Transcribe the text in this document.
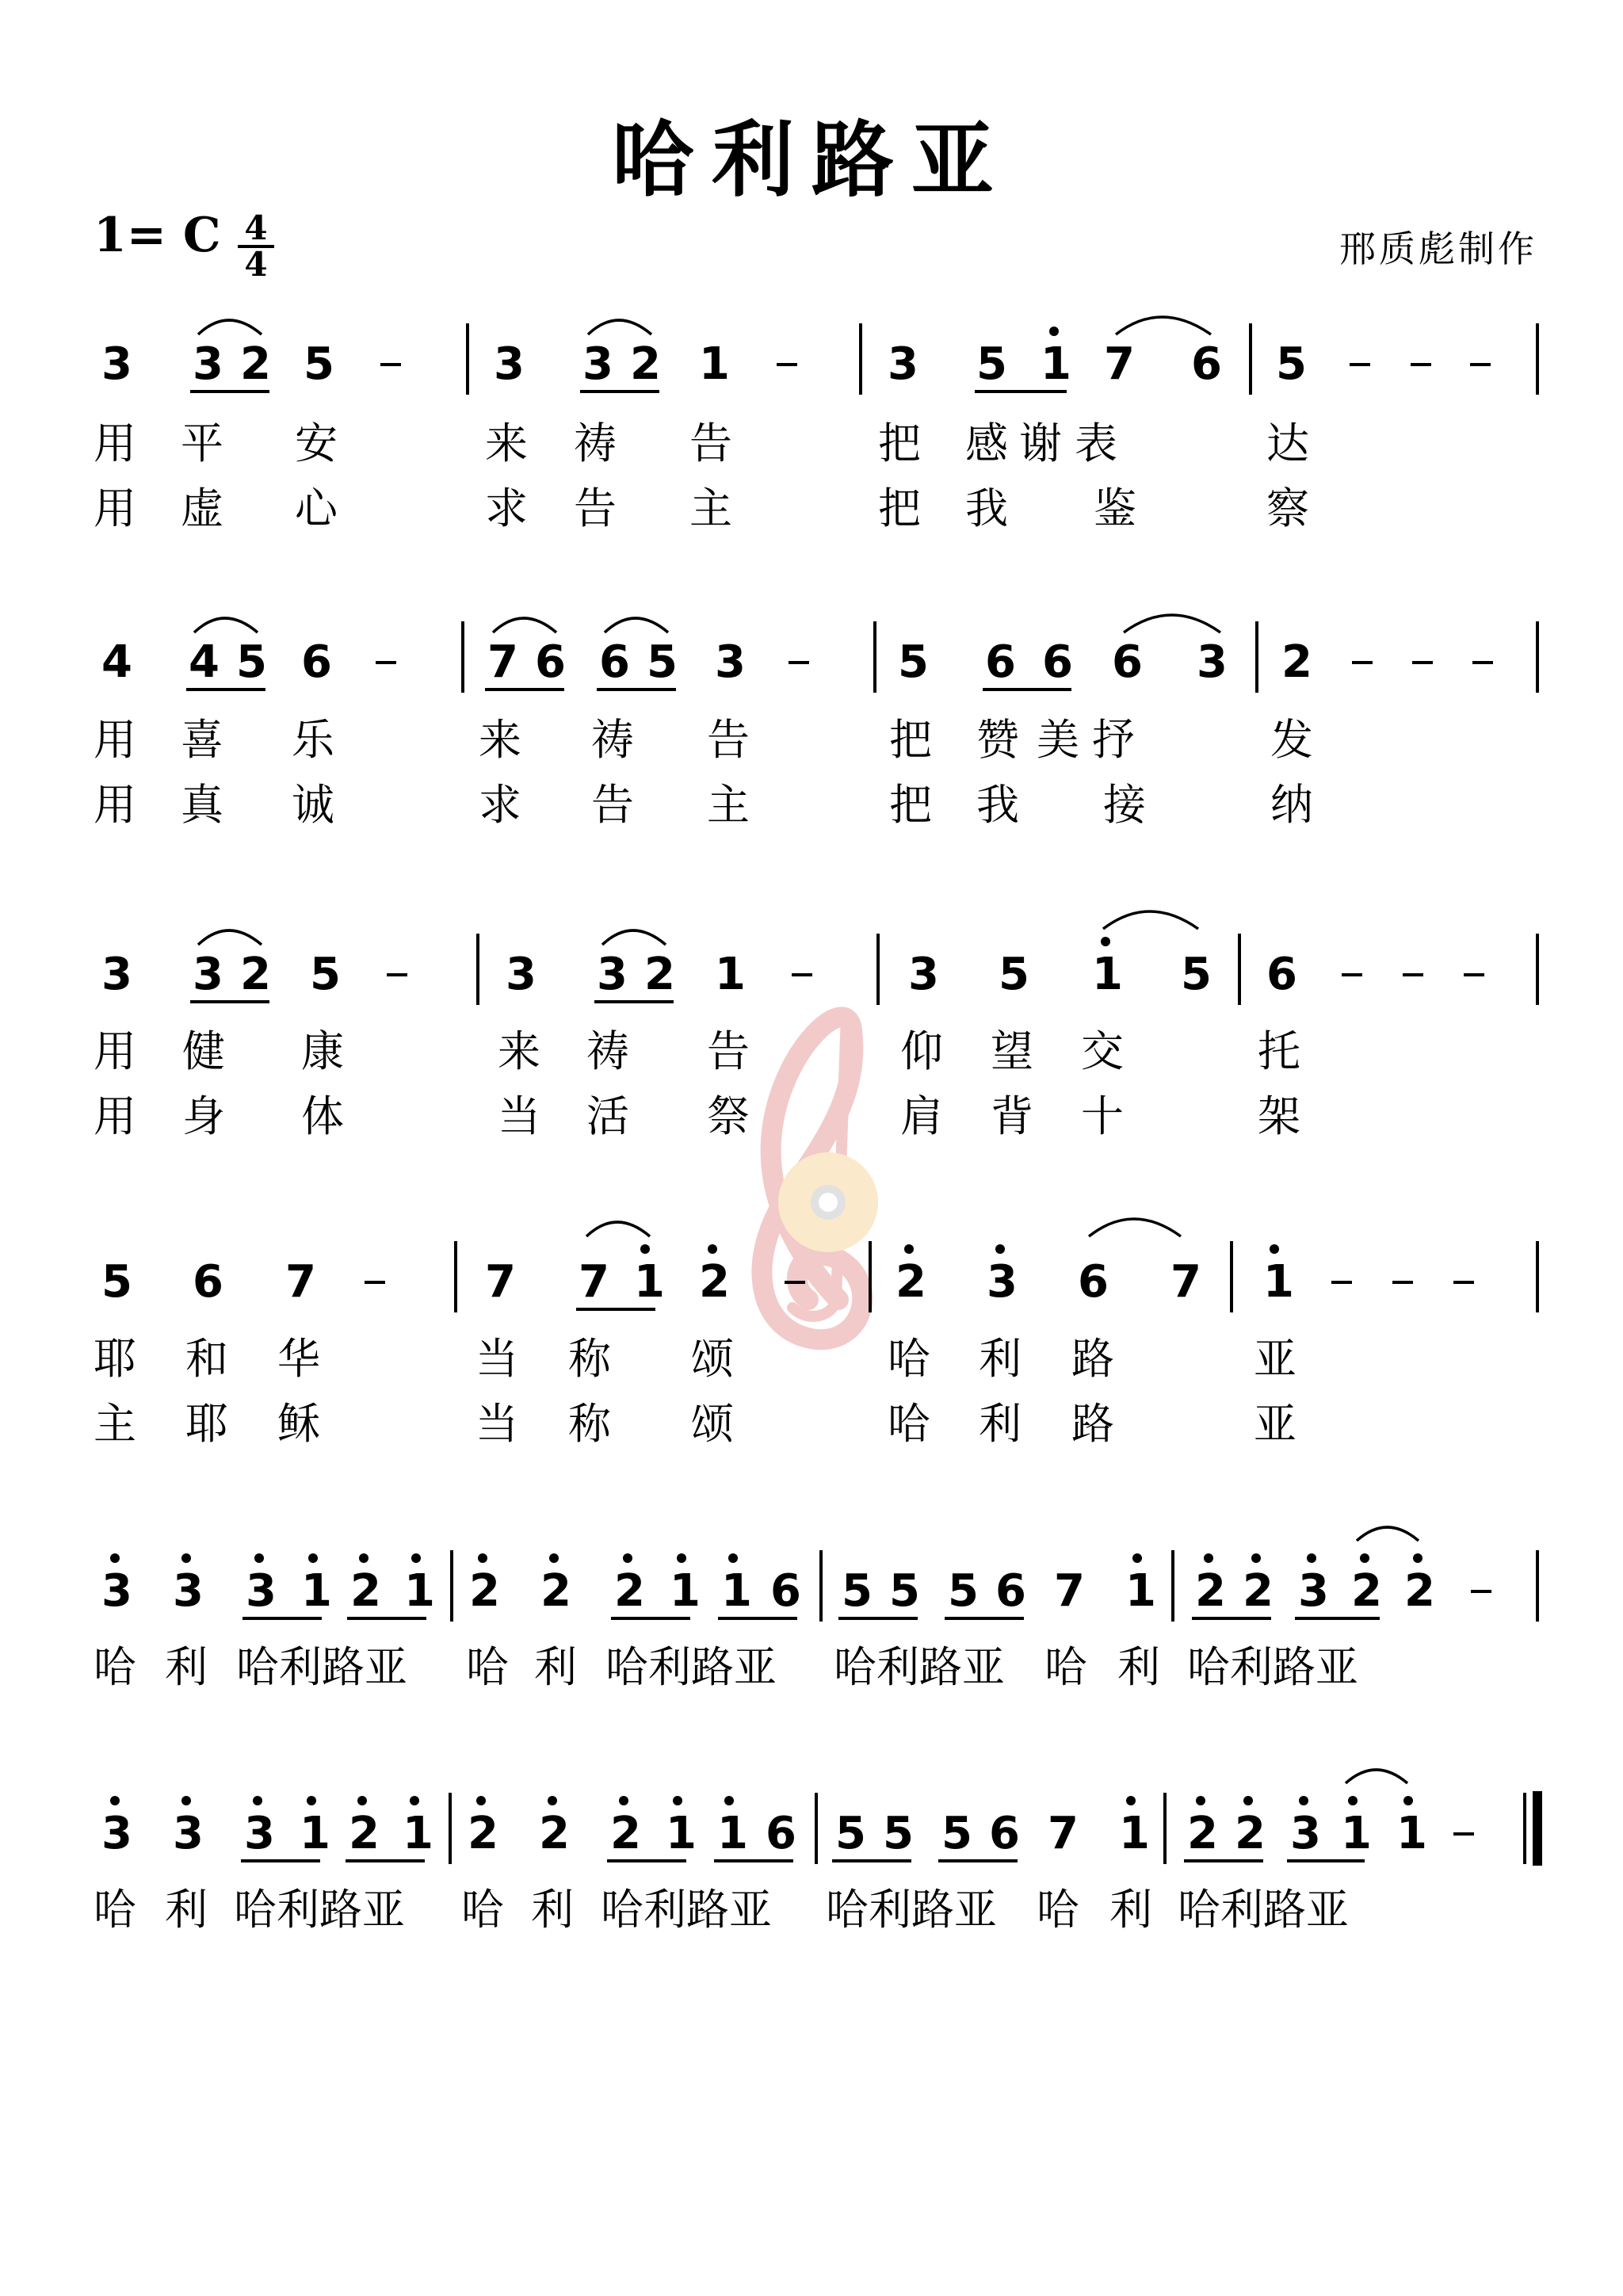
哈利路亚
1= C 4
4	邢质彪制作
3 3 2 5	3 3 2 1	3 5 1 7 6 5
用 平 安	来 祷 告	把 感 谢 表	达
用 虚 心	求 告 主	把 我 鉴	察
4 4 5 6	7 6 6 5 3	5 6 6 6 3 2
用 喜 乐	来 祷 告	把 赞 美 抒	发
用 真 诚	求 告 主	把 我 接	纳
3 3 2 5	3 3 2 1	3 5 1 5 6
用 健 康	来 祷 告	仰 望 交	托
用 身 体	当 活 祭	肩 背 十	架
5 6 7	7 7 1 2	2 3 6 7 1
耶 和 华	当 称 颂	哈 利 路	亚
主 耶 稣	当 称 颂	哈 利 路	亚
3 3 3 1 2 1 2 2 2 1 1 6 5 5 5 6 7 1 2 2 3 2 2
哈 利 哈利路亚 哈 利 哈利路亚 哈利路亚 哈 利 哈利路亚
3 3 3 1 2 1 2 2 2 1 1 6 5 5 5 6 7 1 2 2 3 1 1
哈 利 哈利路亚 哈 利 哈利路亚 哈利路亚 哈 利 哈利路亚
